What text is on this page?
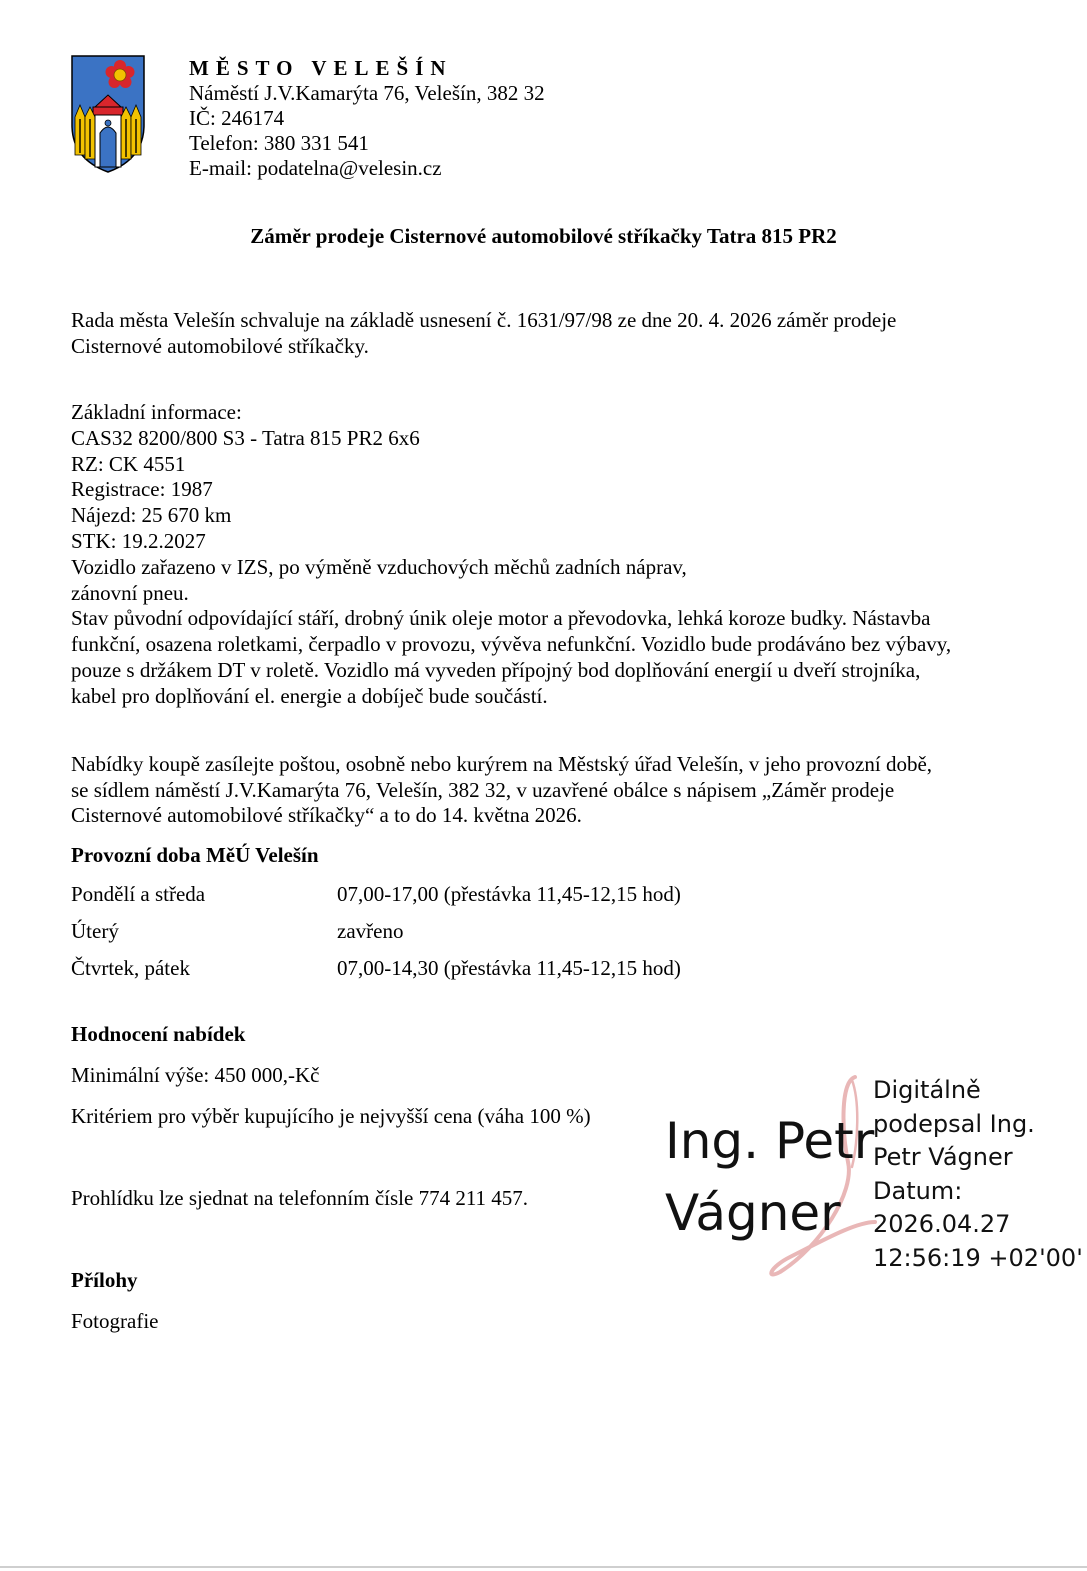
MĚSTO VELEŠÍN
Náměstí J.V.Kamarýta 76, Velešín, 382 32
IČ: 246174
Telefon: 380 331 541
E-mail: podatelna@velesin.cz
Záměr prodeje Cisternové automobilové stříkačky Tatra 815 PR2
Rada města Velešín schvaluje na základě usnesení č. 1631/97/98 ze dne 20. 4. 2026 záměr prodeje
Cisternové automobilové stříkačky.
Základní informace:
CAS32 8200/800 S3 - Tatra 815 PR2 6x6
RZ: CK 4551
Registrace: 1987
Nájezd: 25 670 km
STK: 19.2.2027
Vozidlo zařazeno v IZS, po výměně vzduchových měchů zadních náprav,
zánovní pneu.
Stav původní odpovídající stáří, drobný únik oleje motor a převodovka, lehká koroze budky. Nástavba
funkční, osazena roletkami, čerpadlo v provozu, vývěva nefunkční. Vozidlo bude prodáváno bez výbavy,
pouze s držákem DT v roletě. Vozidlo má vyveden přípojný bod doplňování energií u dveří strojníka,
kabel pro doplňování el. energie a dobíječ bude součástí.
Nabídky koupě zasílejte poštou, osobně nebo kurýrem na Městský úřad Velešín, v jeho provozní době,
se sídlem náměstí J.V.Kamarýta 76, Velešín, 382 32, v uzavřené obálce s nápisem „Záměr prodeje
Cisternové automobilové stříkačky“ a to do 14. května 2026.
Provozní doba MěÚ Velešín
Pondělí a středa	07,00-17,00 (přestávka 11,45-12,15 hod)
Úterý	zavřeno
Čtvrtek, pátek	07,00-14,30 (přestávka 11,45-12,15 hod)
Hodnocení nabídek
Minimální výše: 450 000,-Kč
Kritériem pro výběr kupujícího je nejvyšší cena (váha 100 %)
Prohlídku lze sjednat na telefonním čísle 774 211 457.
Přílohy
Fotografie
Ing. Petr
Vágner
Digitálně
podepsal Ing.
Petr Vágner
Datum:
2026.04.27
12:56:19 +02'00'
